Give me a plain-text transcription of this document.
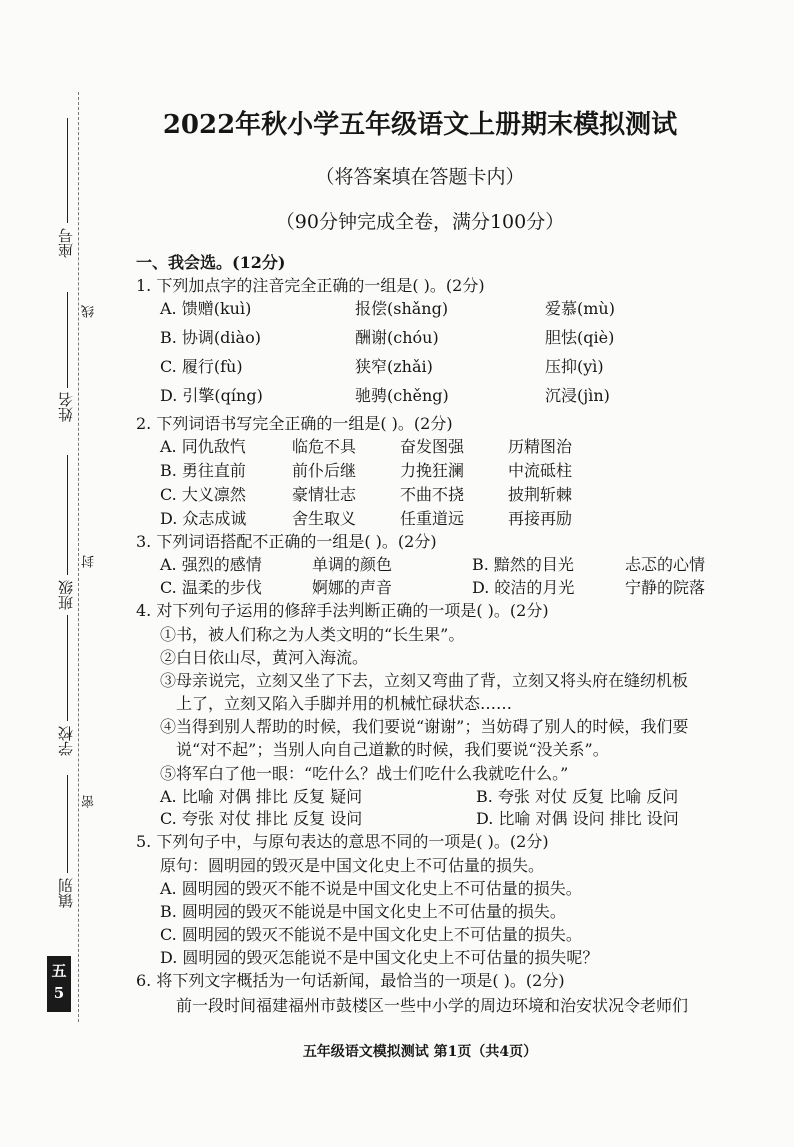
座号
线
姓名
班级
封
学校
密
镇别
五
5
2022年秋小学五年级语文上册期末模拟测试
（将答案填在答题卡内）
（90分钟完成全卷，满分100分）
一、我会选。(12分)
1. 下列加点字的注音完全正确的一组是( )。(2分)
A. 馈赠(kuì)	报偿(shǎng)	爱慕(mù)
B. 协调(diào)	酬谢(chóu)	胆怯(qiè)
C. 履行(fù)	狭窄(zhǎi)	压抑(yì)
D. 引擎(qíng)	驰骋(chěng)	沉浸(jìn)
2. 下列词语书写完全正确的一组是( )。(2分)
A. 同仇敌忾	临危不具	奋发图强	历精图治
B. 勇往直前	前仆后继	力挽狂澜	中流砥柱
C. 大义凛然	豪情壮志	不曲不挠	披荆斩棘
D. 众志成诚	舍生取义	任重道远	再接再励
3. 下列词语搭配不正确的一组是( )。(2分)
A. 强烈的感情	单调的颜色	B. 黯然的目光	忐忑的心情
C. 温柔的步伐	婀娜的声音	D. 皎洁的月光	宁静的院落
4. 对下列句子运用的修辞手法判断正确的一项是( )。(2分)
①书，被人们称之为人类文明的“长生果”。
②白日依山尽，黄河入海流。
③母亲说完，立刻又坐了下去，立刻又弯曲了背，立刻又将头府在缝纫机板
上了，立刻又陷入手脚并用的机械忙碌状态……
④当得到别人帮助的时候，我们要说“谢谢”；当妨碍了别人的时候，我们要
说“对不起”；当别人向自己道歉的时候，我们要说“没关系”。
⑤将军白了他一眼：“吃什么？战士们吃什么我就吃什么。”
A. 比喻 对偶 排比 反复 疑问	B. 夸张 对仗 反复 比喻 反问
C. 夸张 对仗 排比 反复 设问	D. 比喻 对偶 设问 排比 设问
5. 下列句子中，与原句表达的意思不同的一项是( )。(2分)
原句：圆明园的毁灭是中国文化史上不可估量的损失。
A. 圆明园的毁灭不能不说是中国文化史上不可估量的损失。
B. 圆明园的毁灭不能说是中国文化史上不可估量的损失。
C. 圆明园的毁灭不能说不是中国文化史上不可估量的损失。
D. 圆明园的毁灭怎能说不是中国文化史上不可估量的损失呢？
6. 将下列文字概括为一句话新闻，最恰当的一项是( )。(2分)
前一段时间福建福州市鼓楼区一些中小学的周边环境和治安状况令老师们
五年级语文模拟测试 第1页（共4页）
